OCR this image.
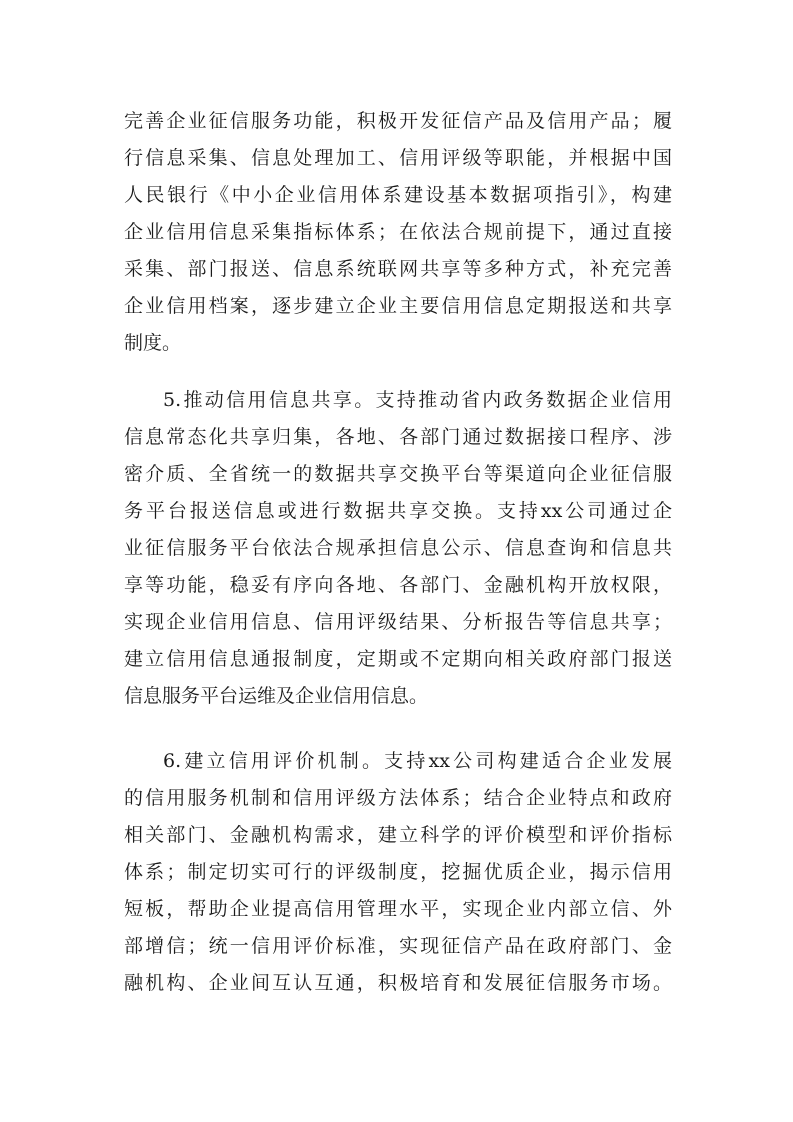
完善企业征信服务功能，积极开发征信产品及信用产品；履

行信息采集、信息处理加工、信用评级等职能，并根据中国

人民银行《中小企业信用体系建设基本数据项指引》，构建

企业信用信息采集指标体系；在依法合规前提下，通过直接

采集、部门报送、信息系统联网共享等多种方式，补充完善

企业信用档案，逐步建立企业主要信用信息定期报送和共享

制度。

5.推动信用信息共享。支持推动省内政务数据企业信用

信息常态化共享归集，各地、各部门通过数据接口程序、涉

密介质、全省统一的数据共享交换平台等渠道向企业征信服

务平台报送信息或进行数据共享交换。支持xx公司通过企

业征信服务平台依法合规承担信息公示、信息查询和信息共

享等功能，稳妥有序向各地、各部门、金融机构开放权限，

实现企业信用信息、信用评级结果、分析报告等信息共享；

建立信用信息通报制度，定期或不定期向相关政府部门报送

信息服务平台运维及企业信用信息。

6.建立信用评价机制。支持xx公司构建适合企业发展

的信用服务机制和信用评级方法体系；结合企业特点和政府

相关部门、金融机构需求，建立科学的评价模型和评价指标

体系；制定切实可行的评级制度，挖掘优质企业，揭示信用

短板，帮助企业提高信用管理水平，实现企业内部立信、外

部增信；统一信用评价标准，实现征信产品在政府部门、金

融机构、企业间互认互通，积极培育和发展征信服务市场。
